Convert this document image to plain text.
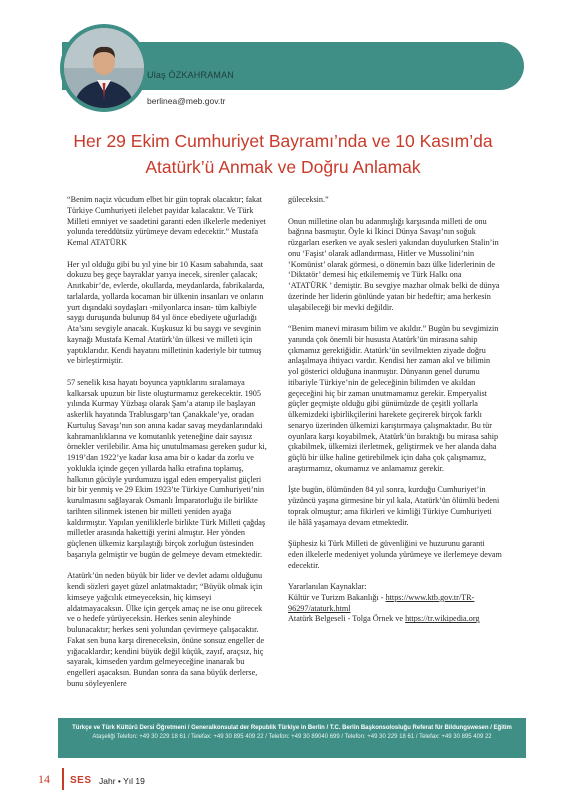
Ulaş ÖZKAHRAMAN
berlinea@meb.gov.tr
Her 29 Ekim Cumhuriyet Bayramı’nda ve 10 Kasım’da
Atatürk’ü Anmak ve Doğru Anlamak

“Benim naçiz vücudum elbet bir gün toprak olacaktır; fakat Türkiye Cumhuriyeti ilelebet payidar kalacaktır. Ve Türk Milleti emniyet ve saadetini garanti eden ilkelerle medeniyet yolunda tereddütsüz yürümeye devam edecektir.” Mustafa Kemal ATATÜRK

Her yıl olduğu gibi bu yıl yine bir 10 Kasım sabahında, saat dokuzu beş geçe bayraklar yarıya inecek, sirenler çalacak; Anıtkabir’de, evlerde, okullarda, meydanlarda, fabrikalarda, tarlalarda, yollarda kocaman bir ülkenin insanları ve onların yurt dışındaki soydaşları -milyonlarca insan- tüm kalbiyle saygı duruşunda bulunup 84 yıl önce ebediyete uğurladığı Ata’sını sevgiyle anacak. Kuşkusuz ki bu saygı ve sevginin kaynağı Mustafa Kemal Atatürk’ün ülkesi ve milleti için yaptıklarıdır. Kendi hayatını milletinin kaderiyle bir tutmuş ve birleştirmiştir.

57 senelik kısa hayatı boyunca yaptıklarını sıralamaya kalkarsak upuzun bir liste oluşturmamız gerekecektir. 1905 yılında Kurmay Yüzbaşı olarak Şam’a atanıp ile başlayan askerlik hayatında Trablusgarp’tan Çanakkale’ye, oradan Kurtuluş Savaşı’nın son anına kadar savaş meydanlarındaki kahramanlıklarına ve komutanlık yeteneğine dair sayısız örnekler verilebilir. Ama hiç unutulmaması gereken şudur ki, 1919’dan 1922’ye kadar kısa ama bir o kadar da zorlu ve yoklukla içinde geçen yıllarda halkı etrafına toplamış, halkının gücüyle yurdumuzu işgal eden emperyalist güçleri bir bir yenmiş ve 29 Ekim 1923’te Türkiye Cumhuriyeti’nin kurulmasını sağlayarak Osmanlı İmparatorluğu ile birlikte tarihten silinmek istenen bir milleti yeniden ayağa kaldırmıştır. Yapılan yeniliklerle birlikte Türk Milleti çağdaş milletler arasında hakettiği yerini almıştır. Her yönden güçlenen ülkemiz karşılaştığı birçok zorluğun üstesinden başarıyla gelmiştir ve bugün de gelmeye devam etmektedir.

Atatürk’ün neden büyük bir lider ve devlet adamı olduğunu kendi sözleri gayet güzel anlatmaktadır; “Büyük olmak için kimseye yağcılık etmeyeceksin, hiç kimseyi aldatmayacaksın. Ülke için gerçek amaç ne ise onu görecek ve o hedefe yürüyeceksin. Herkes senin aleyhinde bulunacaktır; herkes seni yolundan çevirmeye çalışacaktır. Fakat sen buna karşı direneceksin, önüne sonsuz engeller de yığacaklardır; kendini büyük değil küçük, zayıf, araçsız, hiç sayarak, kimseden yardım gelmeyeceğine inanarak bu engelleri aşacaksın. Bundan sonra da sana büyük derlerse, bunu söyleyenlere

güleceksin.”

Onun milletine olan bu adanmışlığı karşısında milleti de onu bağrına basmıştır. Öyle ki İkinci Dünya Savaşı’nın soğuk rüzgarları eserken ve ayak sesleri yakından duyulurken Stalin’in onu ‘Faşist’ olarak adlandırması, Hitler ve Mussolini’nin ‘Komünist’ olarak görmesi, o dönemin bazı ülke liderlerinin de ‘Diktatör’ demesi hiç etkilememiş ve Türk Halkı ona ‘ATATÜRK ’ demiştir. Bu sevgiye mazhar olmak belki de dünya üzerinde her liderin gönlünde yatan bir hedeftir; ama herkesin ulaşabileceği bir mevki değildir.

“Benim manevi mirasım bilim ve akıldır.” Bugün bu sevgimizin yanında çok önemli bir hususta Atatürk’ün mirasına sahip çıkmamız gerektiğidir. Atatürk’ün sevilmekten ziyade doğru anlaşılmaya ihtiyacı vardır. Kendisi her zaman akıl ve bilimin yol gösterici olduğuna inanmıştır. Dünyanın genel durumu itibariyle Türkiye’nin de geleceğinin bilimden ve akıldan geçeceğini hiç bir zaman unutmamamız gerekir. Emperyalist güçler geçmişte olduğu gibi günümüzde de çeşitli yollarla ülkemizdeki işbirlikçilerini harekete geçirerek birçok farklı senaryo üzerinden ülkemizi karıştırmaya çalışmaktadır. Bu tür oyunlara karşı koyabilmek, Atatürk’ün bıraktığı bu mirasa sahip çıkabilmek, ülkemizi ilerletmek, geliştirmek ve her alanda daha güçlü bir ülke haline getirebilmek için daha çok çalışmamız, araştırmamız, okumamız ve anlamamız gerekir.

İşte bugün, ölümünden 84 yıl sonra, kurduğu Cumhuriyet’in yüzüncü yaşına girmesine bir yıl kala, Atatürk’ün ölümlü bedeni toprak olmuştur; ama fikirleri ve kimliği Türkiye Cumhuriyeti ile hâlâ yaşamaya devam etmektedir.

Şüphesiz ki Türk Milleti de güvenliğini ve huzurunu garanti eden ilkelerle medeniyet yolunda yürümeye ve ilerlemeye devam edecektir.

Yararlanılan Kaynaklar:
Kültür ve Turizm Bakanlığı - https://www.ktb.gov.tr/TR-96297/ataturk.html
Atatürk Belgeseli - Tolga Örnek ve https://tr.wikipedia.org
Türkçe ve Türk Kültürü Dersi Öğretmeni / Generalkonsulat der Republik Türkiye in Berlin / T.C. Berlin Başkonsolosluğu Referat für Bildungswesen / Eğitim
Ataşeliği Telefon: +49 30 229 18 61 / Telefax: +49 30 895 409 22 / Telefon: +49 30 89040 699 / Telefon: +49 30 229 18 61 / Telefax: +49 30 895 409 22
14	SES Jahr • Yıl 19
